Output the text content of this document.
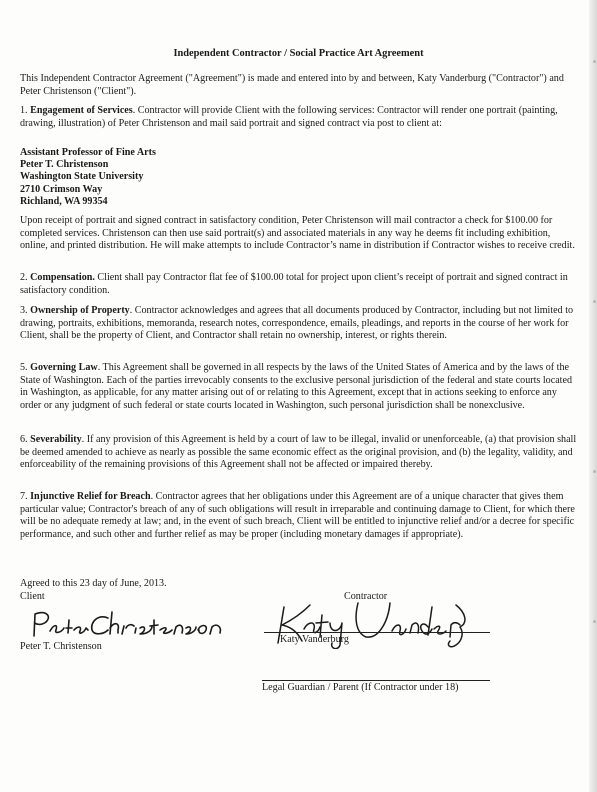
Independent Contractor / Social Practice Art Agreement
This Independent Contractor Agreement ("Agreement") is made and entered into by and between, Katy Vanderburg ("Contractor") and Peter Christenson ("Client").
1. Engagement of Services. Contractor will provide Client with the following services: Contractor will render one portrait (painting, drawing, illustration) of Peter Christenson and mail said portrait and signed contract via post to client at:
Assistant Professor of Fine Arts
Peter T. Christenson
Washington State University
2710 Crimson Way
Richland, WA 99354
Upon receipt of portrait and signed contract in satisfactory condition, Peter Christenson will mail contractor a check for $100.00 for completed services. Christenson can then use said portrait(s) and associated materials in any way he deems fit including exhibition, online, and printed distribution. He will make attempts to include Contractor’s name in distribution if Contractor wishes to receive credit.
2. Compensation. Client shall pay Contractor flat fee of $100.00 total for project upon client’s receipt of portrait and signed contract in satisfactory condition.
3. Ownership of Property. Contractor acknowledges and agrees that all documents produced by Contractor, including but not limited to drawing, portraits, exhibitions, memoranda, research notes, correspondence, emails, pleadings, and reports in the course of her work for Client, shall be the property of Client, and Contractor shall retain no ownership, interest, or rights therein.
5. Governing Law. This Agreement shall be governed in all respects by the laws of the United States of America and by the laws of the State of Washington. Each of the parties irrevocably consents to the exclusive personal jurisdiction of the federal and state courts located in Washington, as applicable, for any matter arising out of or relating to this Agreement, except that in actions seeking to enforce any order or any judgment of such federal or state courts located in Washington, such personal jurisdiction shall be nonexclusive.
6. Severability. If any provision of this Agreement is held by a court of law to be illegal, invalid or unenforceable, (a) that provision shall be deemed amended to achieve as nearly as possible the same economic effect as the original provision, and (b) the legality, validity, and enforceability of the remaining provisions of this Agreement shall not be affected or impaired thereby.
7. Injunctive Relief for Breach. Contractor agrees that her obligations under this Agreement are of a unique character that gives them particular value; Contractor's breach of any of such obligations will result in irreparable and continuing damage to Client, for which there will be no adequate remedy at law; and, in the event of such breach, Client will be entitled to injunctive relief and/or a decree for specific performance, and such other and further relief as may be proper (including monetary damages if appropriate).
Agreed to this 23 day of June, 2013.
Client	Contractor
Peter T. Christenson
Katy Vanderburg
Legal Guardian / Parent (If Contractor under 18)
